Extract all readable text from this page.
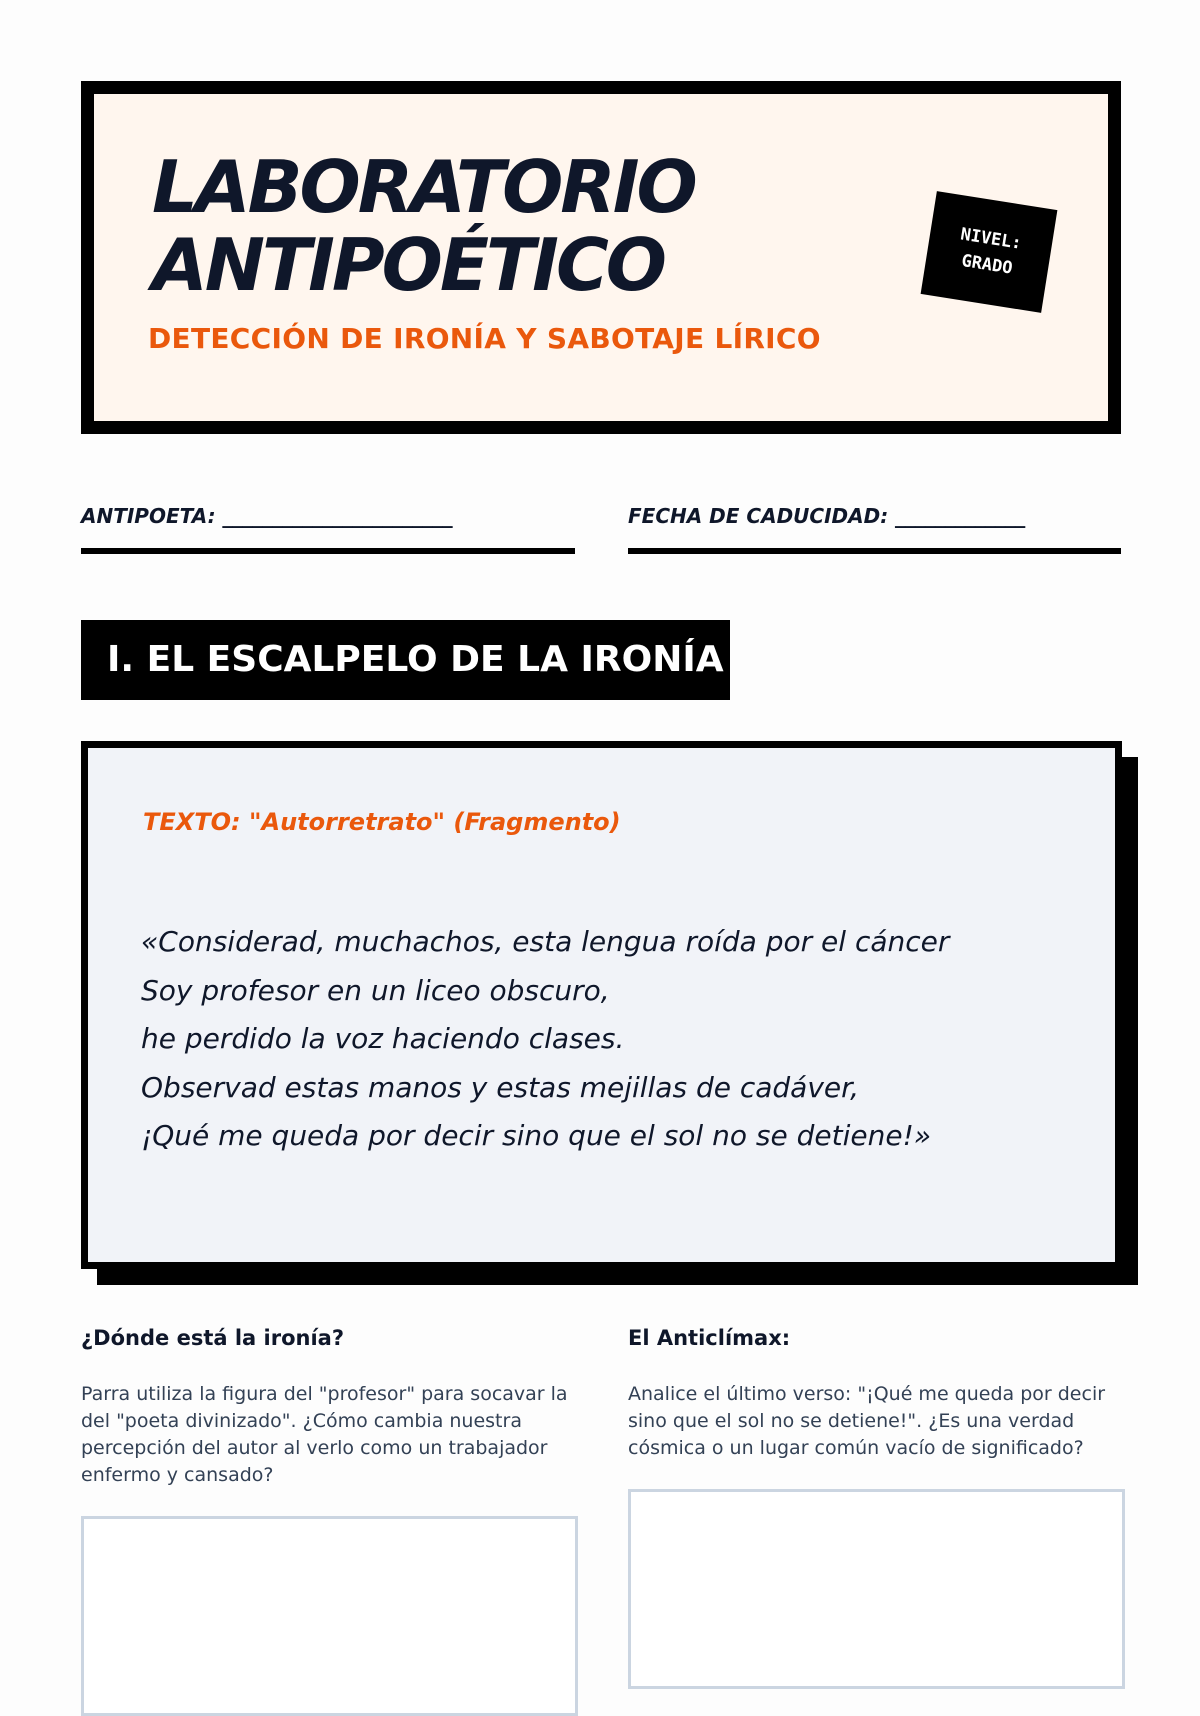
LABORATORIO
ANTIPOÉTICO
DETECCIÓN DE IRONÍA Y SABOTAJE LÍRICO
NIVEL:
GRADO
ANTIPOETA: _______________________	FECHA DE CADUCIDAD: _____________
I. EL ESCALPELO DE LA IRONÍA
TEXTO: "Autorretrato" (Fragmento)
«Considerad, muchachos, esta lengua roída por el cáncer
Soy profesor en un liceo obscuro,
he perdido la voz haciendo clases.
Observad estas manos y estas mejillas de cadáver,
¡Qué me queda por decir sino que el sol no se detiene!»
¿Dónde está la ironía?
Parra utiliza la figura del "profesor" para socavar la del "poeta divinizado". ¿Cómo cambia nuestra percepción del autor al verlo como un trabajador enfermo y cansado?
El Anticlímax:
Analice el último verso: "¡Qué me queda por decir sino que el sol no se detiene!". ¿Es una verdad cósmica o un lugar común vacío de significado?
